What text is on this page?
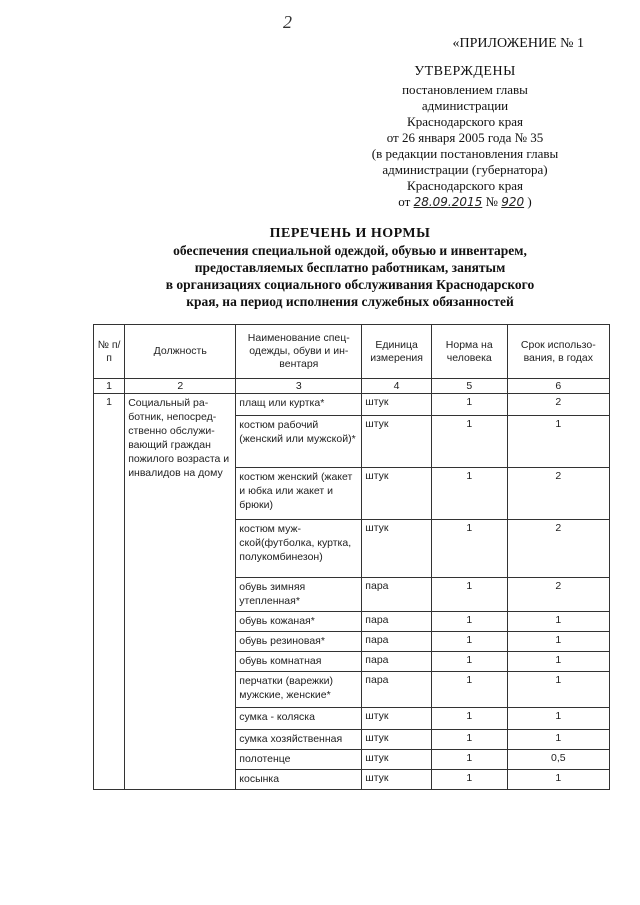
2
«ПРИЛОЖЕНИЕ № 1
УТВЕРЖДЕНЫ
постановлением главы
администрации
Краснодарского края
от 26 января 2005 года № 35
(в редакции постановления главы
администрации (губернатора)
Краснодарского края
от 28.09.2015 № 920 )
ПЕРЕЧЕНЬ И НОРМЫ
обеспечения специальной одеждой, обувью и инвентарем,
предоставляемых бесплатно работникам, занятым
в организациях социального обслуживания Краснодарского
края, на период исполнения служебных обязанностей
№ п/п	Должность	Наименование спец-одежды, обуви и ин-вентаря	Единица измерения	Норма на человека	Срок использо-вания, в годах
1	2	3	4	5	6
1	Социальный ра-ботник, непосред-ственно обслужи-вающий граждан пожилого возраста и инвалидов на дому	плащ или куртка*	штук	1	2
		костюм рабочий (женский или мужской)*	штук	1	1
		костюм женский (жакет и юбка или жакет и брюки)	штук	1	2
		костюм муж-ской(футболка, куртка, полукомбинезон)	штук	1	2
		обувь зимняя утепленная*	пара	1	2
		обувь кожаная*	пара	1	1
		обувь резиновая*	пара	1	1
		обувь комнатная	пара	1	1
		перчатки (варежки) мужские, женские*	пара	1	1
		сумка - коляска	штук	1	1
		сумка хозяйственная	штук	1	1
		полотенце	штук	1	0,5
		косынка	штук	1	1
